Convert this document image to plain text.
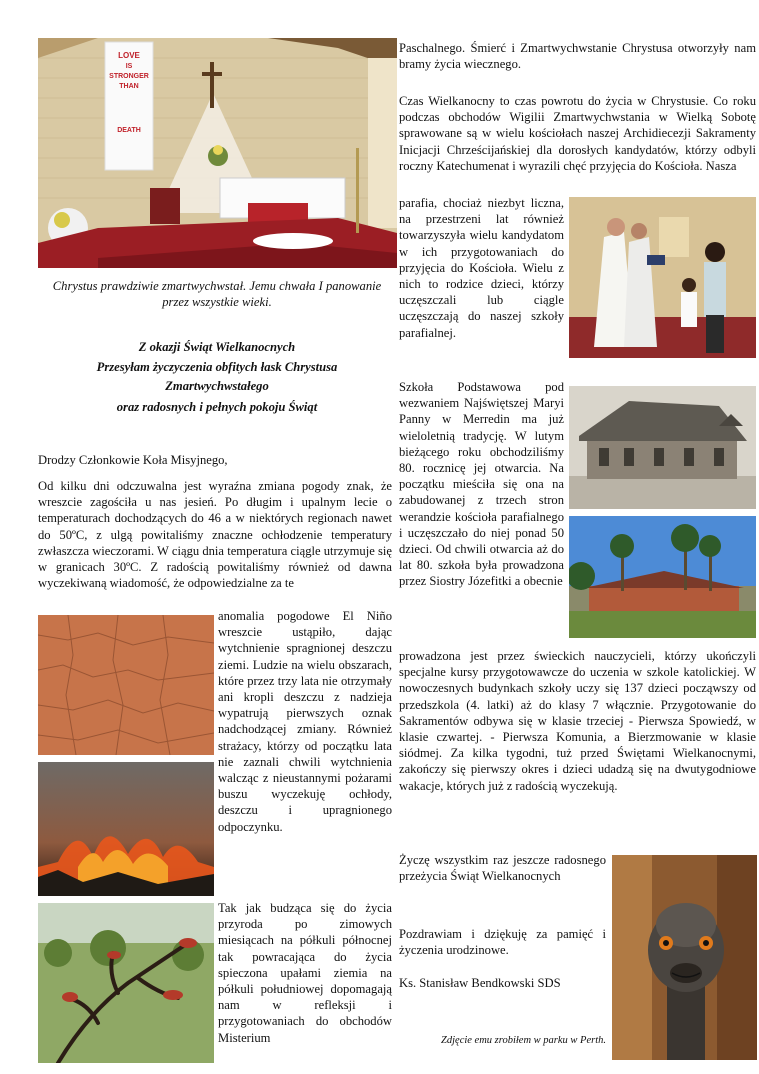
LOVE
IS
STRONGER
THAN
DEATH

Chrystus prawdziwie zmartwychwstał. Jemu chwała I panowanie przez wszystkie wieki.

Z okazji Świąt Wielkanocnych

Przesyłam życzyczenia obfitych łask Chrystusa Zmartwychwstałego

oraz radosnych i pełnych pokoju Świąt

Drodzy Członkowie Koła Misyjnego,

Od kilku dni odczuwalna jest wyraźna zmiana pogody znak, że wreszcie zagościła u nas jesień. Po długim i upalnym lecie o temperaturach dochodzących do 46 a w niektórych regionach nawet do 50ºC, z ulgą powitaliśmy znaczne ochłodzenie temperatury zwłaszcza wieczorami. W ciągu dnia temperatura ciągle utrzymuje się w granicach 30ºC. Z radością powitaliśmy również od dawna wyczekiwaną wiadomość, że odpowiedzialne za te

anomalia pogodowe El Niño wreszcie ustąpiło, dając wytchnienie spragnionej deszczu ziemi. Ludzie na wielu obszarach, które przez trzy lata nie otrzymały ani kropli deszczu z nadzieja wypatrują pierwszych oznak nadchodzącej zmiany. Również strażacy, którzy od początku lata nie zaznali chwili wytchnienia walcząc z nieustannymi pożarami buszu wyczekuję ochłody, deszczu i upragnionego odpoczynku.

Tak jak budząca się do życia przyroda po zimowych miesiącach na półkuli północnej tak powracająca do życia spieczona upałami ziemia na półkuli południowej dopomagają nam w refleksji i przygotowaniach do obchodów Misterium

Paschalnego. Śmierć i Zmartwychwstanie Chrystusa otworzyły nam bramy życia wiecznego.

Czas Wielkanocny to czas powrotu do życia w Chrystusie. Co roku podczas obchodów Wigilii Zmartwychwstania w Wielką Sobotę sprawowane są w wielu kościołach naszej Archidiecezji Sakramenty Inicjacji Chrześcijańskiej dla dorosłych kandydatów, którzy odbyli roczny Katechumenat i wyrazili chęć przyjęcia do Kościoła. Nasza

parafia, chociaż niezbyt liczna, na przestrzeni lat również towarzyszyła wielu kandydatom w ich przygotowaniach do przyjęcia do Kościoła. Wielu z nich to rodzice dzieci, którzy uczęszczali lub ciągle uczęszczają do naszej szkoły parafialnej.

Szkoła Podstawowa pod wezwaniem Najświętszej Maryi Panny w Merredin ma już wieloletnią tradycję. W lutym bieżącego roku obchodziliśmy 80. rocznicę jej otwarcia. Na początku mieściła się ona na zabudowanej z trzech stron werandzie kościoła parafialnego i uczęszczało do niej ponad 50 dzieci. Od chwili otwarcia aż do lat 80. szkoła była prowadzona przez Siostry Józefitki a obecnie

prowadzona jest przez świeckich nauczycieli, którzy ukończyli specjalne kursy przygotowawcze do uczenia w szkole katolickiej. W nowoczesnych budynkach szkoły uczy się 137 dzieci począwszy od przedszkola (4. latki) aż do klasy 7 włącznie. Przygotowanie do Sakramentów odbywa się w klasie trzeciej - Pierwsza Spowiedź, w klasie czwartej. - Pierwsza Komunia, a Bierzmowanie w klasie siódmej. Za kilka tygodni, tuż przed Świętami Wielkanocnymi, zakończy się pierwszy okres i dzieci udadzą się na dwutygodniowe wakacje, których już z radością wyczekują.

Życzę wszystkim raz jeszcze radosnego przeżycia Świąt Wielkanocnych

Pozdrawiam i dziękuję za pamięć i życzenia urodzinowe.

Ks. Stanisław Bendkowski SDS

Zdjęcie emu zrobiłem w parku w Perth.
